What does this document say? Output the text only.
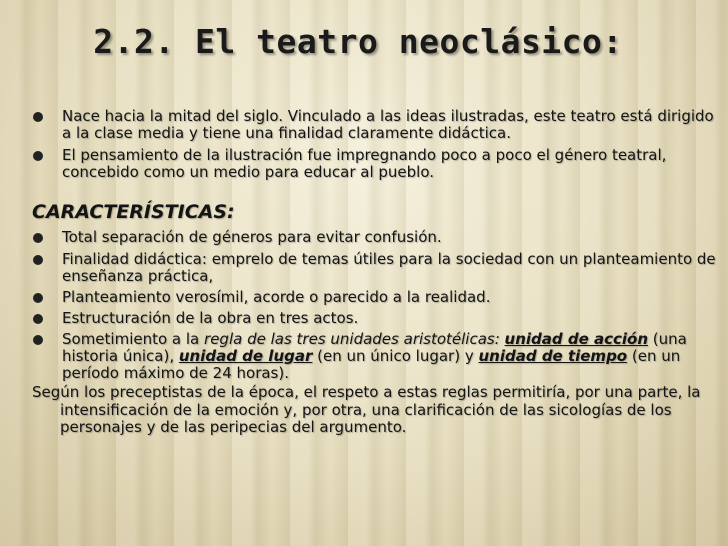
2.2. El teatro neoclásico:
Nace hacia la mitad del siglo. Vinculado a las ideas ilustradas, este teatro está dirigido a la clase media y tiene una finalidad claramente didáctica.
El pensamiento de la ilustración fue impregnando poco a poco el género teatral, concebido como un medio para educar al pueblo.
CARACTERÍSTICAS:
Total separación de géneros para evitar confusión.
Finalidad didáctica: emprelo de temas útiles para la sociedad con un planteamiento de enseñanza práctica,
Planteamiento verosímil, acorde o parecido a la realidad.
Estructuración de la obra en tres actos.
Sometimiento a la regla de las tres unidades aristotélicas: unidad de acción (una historia única), unidad de lugar (en un único lugar) y unidad de tiempo (en un período máximo de 24 horas).
Según los preceptistas de la época, el respeto a estas reglas permitiría, por una parte, la intensificación de la emoción y, por otra, una clarificación de las sicologías de los personajes y de las peripecias del argumento.
